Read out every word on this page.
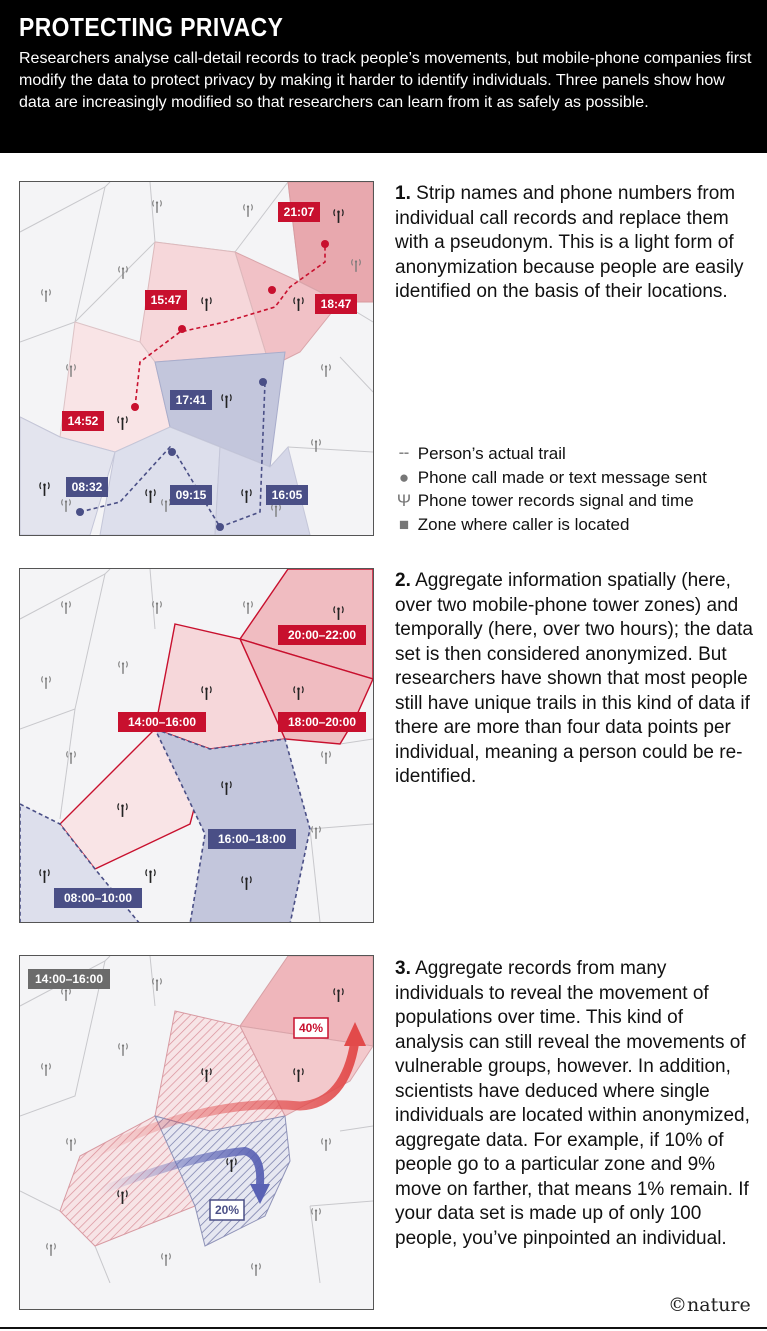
PROTECTING PRIVACY
Researchers analyse call-detail records to track people’s movements, but mobile-phone companies first modify the data to protect privacy by making it harder to identify individuals. Three panels show how data are increasingly modified so that researchers can learn from it as safely as possible.
21:07
15:47	18:47
14:52
17:41
08:32
09:15	16:05
1. Strip names and phone numbers from individual call records and replace them with a pseudonym. This is a light form of anonymization because people are easily identified on the basis of their locations.
╌ Person’s actual trail
● Phone call made or text message sent
Ψ Phone tower records signal and time
■ Zone where caller is located
20:00–22:00
14:00–16:00	18:00–20:00
16:00–18:00
08:00–10:00
2. Aggregate information spatially (here, over two mobile-phone tower zones) and temporally (here, over two hours); the data set is then considered anonymized. But researchers have shown that most people still have unique trails in this kind of data if there are more than four data points per individual, meaning a person could be re-identified.
14:00–16:00
40%
20%
3. Aggregate records from many individuals to reveal the movement of populations over time. This kind of analysis can still reveal the movements of vulnerable groups, however. In addition, scientists have deduced where single individuals are located within anonymized, aggregate data. For example, if 10% of people go to a particular zone and 9% move on farther, that means 1% remain. If your data set is made up of only 100 people, you’ve pinpointed an individual.
©nature
